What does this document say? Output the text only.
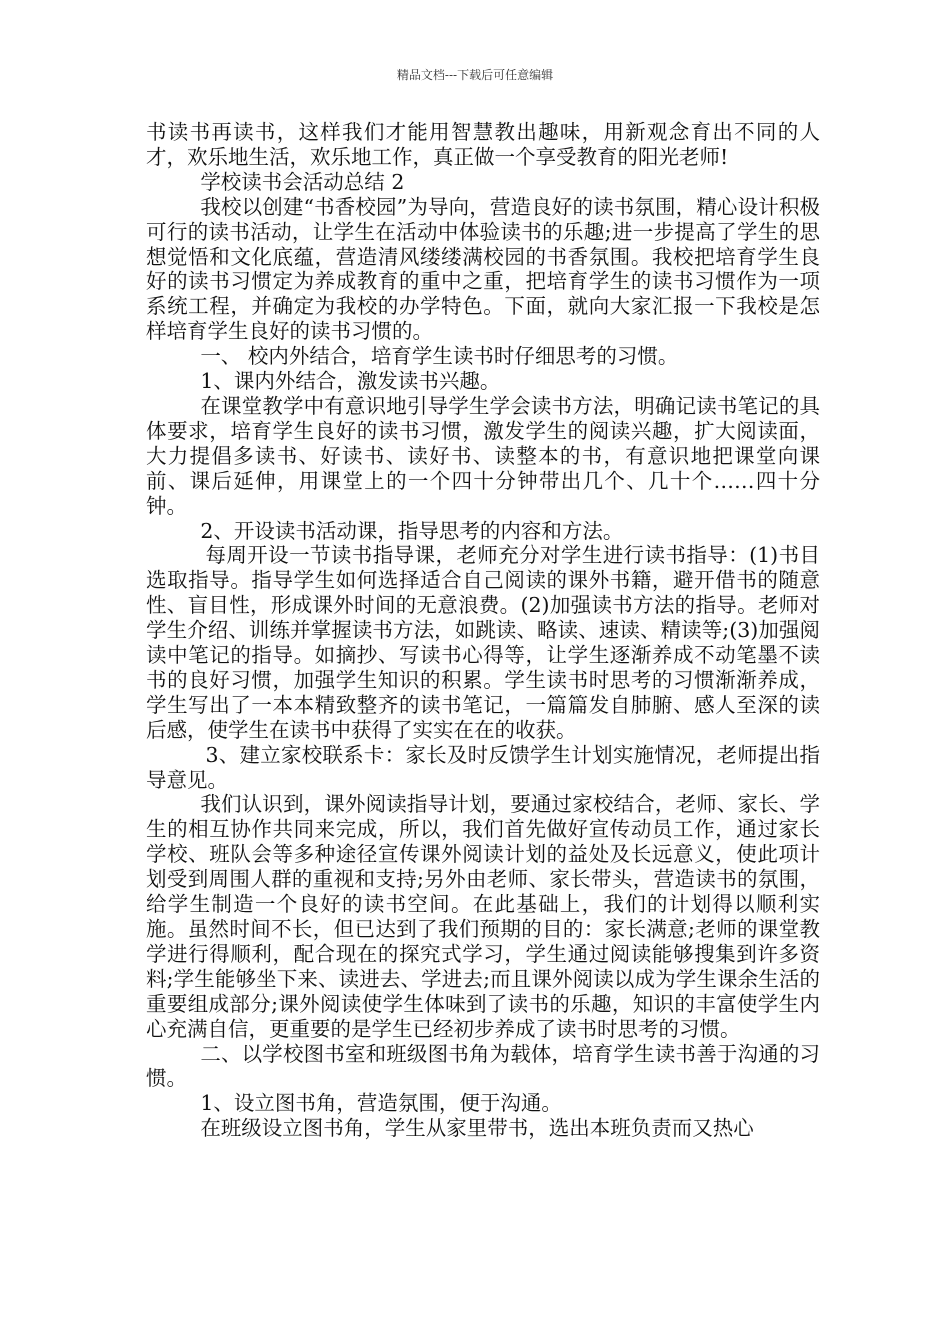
精品文档---下载后可任意编辑

书读书再读书，这样我们才能用智慧教出趣味，用新观念育出不同的人才，欢乐地生活，欢乐地工作，真正做一个享受教育的阳光老师!

学校读书会活动总结 2

我校以创建“书香校园”为导向，营造良好的读书氛围，精心设计积极可行的读书活动，让学生在活动中体验读书的乐趣;进一步提高了学生的思想觉悟和文化底蕴，营造清风缕缕满校园的书香氛围。我校把培育学生良好的读书习惯定为养成教育的重中之重，把培育学生的读书习惯作为一项系统工程，并确定为我校的办学特色。下面，就向大家汇报一下我校是怎样培育学生良好的读书习惯的。

一、 校内外结合，培育学生读书时仔细思考的习惯。

1、课内外结合，激发读书兴趣。

在课堂教学中有意识地引导学生学会读书方法，明确记读书笔记的具体要求，培育学生良好的读书习惯，激发学生的阅读兴趣，扩大阅读面，大力提倡多读书、好读书、读好书、读整本的书，有意识地把课堂向课前、课后延伸，用课堂上的一个四十分钟带出几个、几十个……四十分钟。

2、开设读书活动课，指导思考的内容和方法。

每周开设一节读书指导课，老师充分对学生进行读书指导：(1)书目选取指导。指导学生如何选择适合自己阅读的课外书籍，避开借书的随意性、盲目性，形成课外时间的无意浪费。(2)加强读书方法的指导。老师对学生介绍、训练并掌握读书方法，如跳读、略读、速读、精读等;(3)加强阅读中笔记的指导。如摘抄、写读书心得等，让学生逐渐养成不动笔墨不读书的良好习惯，加强学生知识的积累。学生读书时思考的习惯渐渐养成，学生写出了一本本精致整齐的读书笔记，一篇篇发自肺腑、感人至深的读后感，使学生在读书中获得了实实在在的收获。

3、建立家校联系卡：家长及时反馈学生计划实施情况，老师提出指导意见。

我们认识到，课外阅读指导计划，要通过家校结合，老师、家长、学生的相互协作共同来完成，所以，我们首先做好宣传动员工作，通过家长学校、班队会等多种途径宣传课外阅读计划的益处及长远意义，使此项计划受到周围人群的重视和支持;另外由老师、家长带头，营造读书的氛围，给学生制造一个良好的读书空间。在此基础上，我们的计划得以顺利实施。虽然时间不长，但已达到了我们预期的目的：家长满意;老师的课堂教学进行得顺利，配合现在的探究式学习，学生通过阅读能够搜集到许多资料;学生能够坐下来、读进去、学进去;而且课外阅读以成为学生课余生活的重要组成部分;课外阅读使学生体味到了读书的乐趣，知识的丰富使学生内心充满自信，更重要的是学生已经初步养成了读书时思考的习惯。

二、以学校图书室和班级图书角为载体，培育学生读书善于沟通的习惯。

1、设立图书角，营造氛围，便于沟通。

在班级设立图书角，学生从家里带书，选出本班负责而又热心
